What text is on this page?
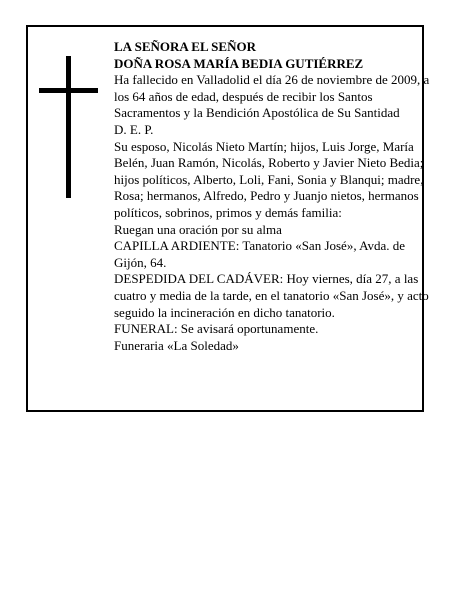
LA SEÑORA EL SEÑOR

DOÑA ROSA MARÍA BEDIA GUTIÉRREZ

Ha fallecido en Valladolid el día 26 de noviembre de 2009, a los 64 años de edad, después de recibir los Santos Sacramentos y la Bendición Apostólica de Su Santidad

D. E. P.

Su esposo, Nicolás Nieto Martín; hijos, Luis Jorge, María Belén, Juan Ramón, Nicolás, Roberto y Javier Nieto Bedia; hijos políticos, Alberto, Loli, Fani, Sonia y Blanqui; madre, Rosa; hermanos, Alfredo, Pedro y Juanjo nietos, hermanos políticos, sobrinos, primos y demás familia:

Ruegan una oración por su alma

CAPILLA ARDIENTE: Tanatorio «San José», Avda. de Gijón, 64.

DESPEDIDA DEL CADÁVER: Hoy viernes, día 27, a las cuatro y media de la tarde, en el tanatorio «San José», y acto seguido la incineración en dicho tanatorio.

FUNERAL: Se avisará oportunamente.

Funeraria «La Soledad»
